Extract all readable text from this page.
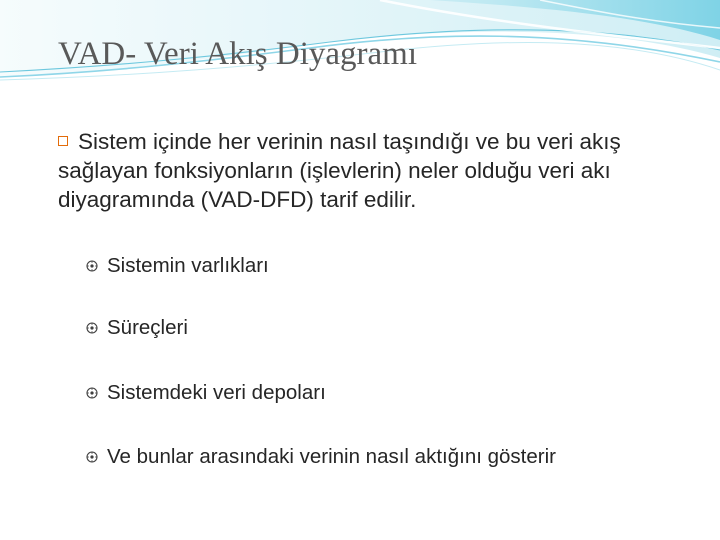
VAD- Veri Akış Diyagramı
Sistem içinde her verinin nasıl taşındığı ve bu veri akış
sağlayan fonksiyonların (işlevlerin) neler olduğu veri akı
diyagramında (VAD-DFD) tarif edilir.
Sistemin varlıkları
Süreçleri
Sistemdeki veri depoları
Ve bunlar arasındaki verinin nasıl aktığını gösterir
